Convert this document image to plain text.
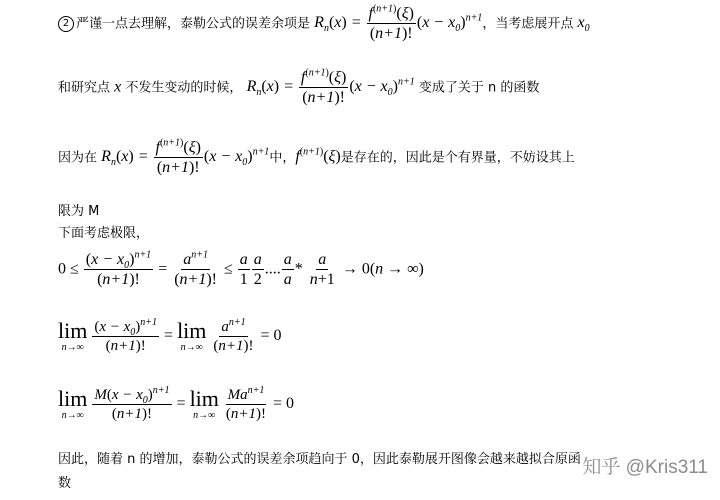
2 严谨一点去理解，泰勒公式的误差余项是 $R_n(x) = \frac{f^{(n+1)}(\xi)}{(n+1)!} (x - x_0)^{n+1}$，当考虑展开点 $x_0$
和研究点 x 不发生变动的时候， $R_n(x) = \frac{f^{(n+1)}(\xi)}{(n+1)!} (x - x_0)^{n+1}$ 变成了关于 n 的函数
因为在 $R_n(x) = \frac{f^{(n+1)}(\xi)}{(n+1)!} (x - x_0)^{n+1}$中，$f^{(n+1)}(\xi)$是存在的，因此是个有界量，不妨设其上
限为 M
下面考虑极限，
$0 \le \frac{(x - x_0)^{n+1}}{(n+1)!} = \frac{a^{n+1}}{(n+1)!} \le \frac{a}{1} \frac{a}{2}$ .... $\frac{a}{a} * \frac{a}{n+1} \to 0(n$ → ∞)
lim
$n\to\infty \frac{(x - x_0)^{n+1}}{(n+1)!} = \lim$
$n\to\infty \frac{a^{n+1}}{(n+1)!} = 0$
lim
$n\to\infty \frac{M(x - x_0)^{n+1}}{(n+1)!} = \lim$
$n\to\infty \frac{Ma^{n+1}}{(n+1)!} = 0$
因此，随着 n 的增加，泰勒公式的误差余项趋向于 0，因此泰勒展开图像会越来越拟合原函
数
知乎 @Kris311
